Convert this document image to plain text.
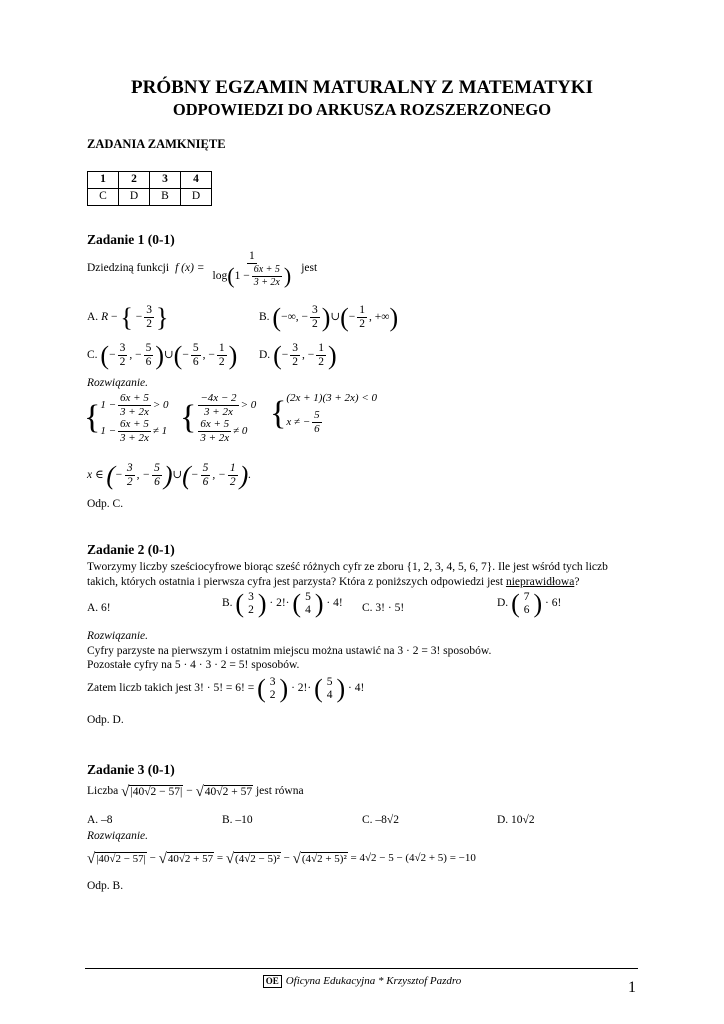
PRÓBNY EGZAMIN MATURALNY Z MATEMATYKI
ODPOWIEDZI DO ARKUSZA ROZSZERZONEGO
ZADANIA ZAMKNIĘTE
1	2	3	4
C	D	B	D
Zadanie 1 (0-1)
Dziedziną funkcji f $(x) = \frac{1}{\log ( 1 - \frac{6x + 5}{3 + 2x} )}$ jest
A. R − { − $\frac{3}{2}$ }	B. ( −∞, − $\frac{3}{2}$ ) ∪ ( − $\frac{1}{2}$ , +∞ )
C. ( − $\frac{3}{2}$ , − $\frac{5}{6}$ ) ∪ ( − $\frac{5}{6}$ , − $\frac{1}{2}$ ) D. ( − $\frac{3}{2}$ , − $\frac{1}{2}$ )
Rozwiązanie.
{ $1 - \frac{6x + 5}{3 + 2x} > 0$
$1 - \frac{6x + 5}{3 + 2x} \ne 1$ { $\frac{-4x - 2}{3 + 2x} > 0$
$\frac{6x + 5}{3 + 2x} \ne 0$ { (2x + 1)(3 + 2x) < 0
x ≠ − $\frac{5}{6}$
x ∈ ( − $\frac{3}{2}$ , − $\frac{5}{6}$ ) ∪ ( − $\frac{5}{6}$ , − $\frac{1}{2}$ ) .
Odp. C.
Zadanie 2 (0-1)
Tworzymy liczby sześciocyfrowe biorąc sześć różnych cyfr ze zboru {1, 2, 3, 4, 5, 6, 7}. Ile jest wśród tych liczb
takich, których ostatnia i pierwsza cyfra jest parzysta? Która z poniższych odpowiedzi jest nieprawidłowa?
A. 6!	B. ( 3
2 ) · 2!· ( 5
4 ) · 4! C. 3! · 5!	D. ( 7
6 ) · 6!
Rozwiązanie.
Cyfry parzyste na pierwszym i ostatnim miejscu można ustawić na 3 · 2 = 3! sposobów.
Pozostałe cyfry na 5 · 4 · 3 · 2 = 5! sposobów.
Zatem liczb takich jest 3! · 5! = 6! =
( 3
2 ) · 2!· ( 5
4 ) · 4!
Odp. D.
Zadanie 3 (0-1)
Liczba
√ |40√2 − 57| − √ 40√2 + 57
jest równa
A. –8	B. –10	C. –8√2	D. 10√2
Rozwiązanie.
√ |40√2 − 57| − √ 40√2 + 57 = √ (4√2 − 5)² − √ (4√2 + 5)² = 4√2 − 5 − (4√2 + 5) = −10
Odp. B.
OE Oficyna Edukacyjna * Krzysztof Pazdro	1
